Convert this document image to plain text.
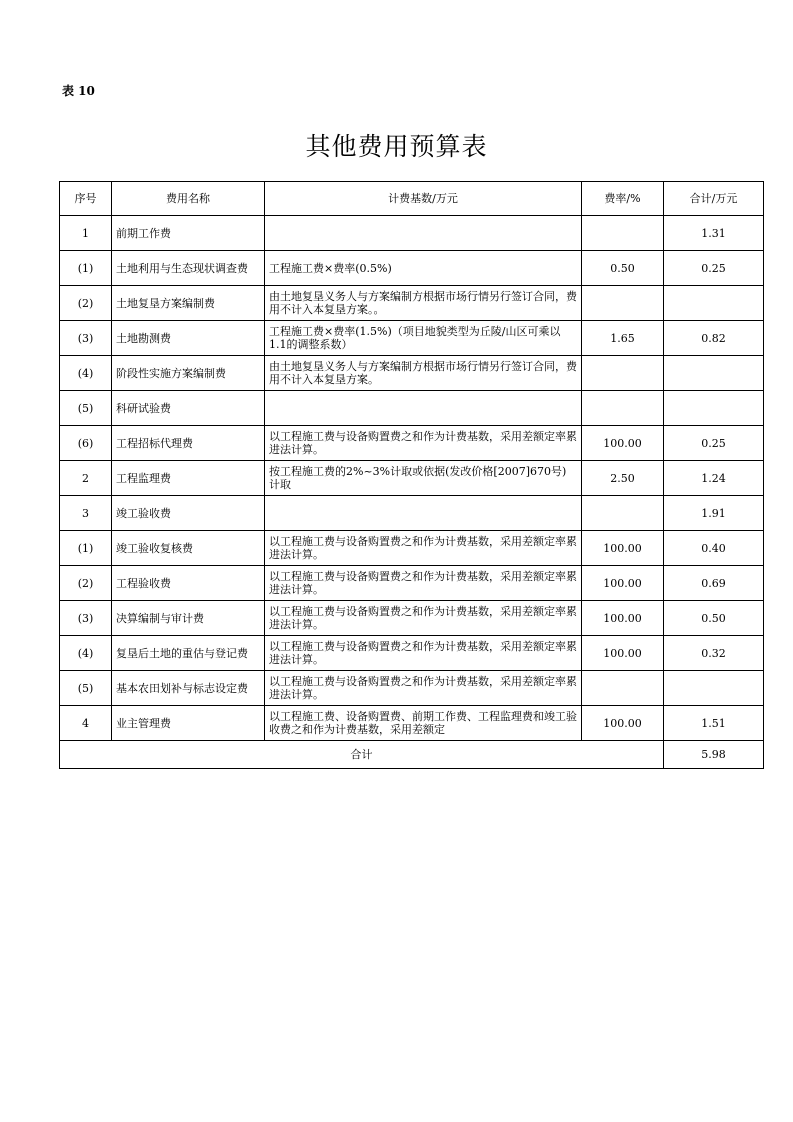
表 10
其他费用预算表
序号	费用名称	计费基数/万元	费率/%	合计/万元
1	前期工作费			1.31
(1)	土地利用与生态现状调查费	工程施工费×费率(0.5%)	0.50	0.25
(2)	土地复垦方案编制费	由土地复垦义务人与方案编制方根据市场行情另行签订合同，费用不计入本复垦方案。。		
(3)	土地勘测费	工程施工费×费率(1.5%)（项目地貌类型为丘陵/山区可乘以1.1的调整系数）	1.65	0.82
(4)	阶段性实施方案编制费	由土地复垦义务人与方案编制方根据市场行情另行签订合同，费用不计入本复垦方案。		
(5)	科研试验费			
(6)	工程招标代理费	以工程施工费与设备购置费之和作为计费基数，采用差额定率累进法计算。	100.00	0.25
2	工程监理费	按工程施工费的2%~3%计取或依据(发改价格[2007]670号)计取	2.50	1.24
3	竣工验收费			1.91
(1)	竣工验收复核费	以工程施工费与设备购置费之和作为计费基数，采用差额定率累进法计算。	100.00	0.40
(2)	工程验收费	以工程施工费与设备购置费之和作为计费基数，采用差额定率累进法计算。	100.00	0.69
(3)	决算编制与审计费	以工程施工费与设备购置费之和作为计费基数，采用差额定率累进法计算。	100.00	0.50
(4)	复垦后土地的重估与登记费	以工程施工费与设备购置费之和作为计费基数，采用差额定率累进法计算。	100.00	0.32
(5)	基本农田划补与标志设定费	以工程施工费与设备购置费之和作为计费基数，采用差额定率累进法计算。		
4	业主管理费	以工程施工费、设备购置费、前期工作费、工程监理费和竣工验收费之和作为计费基数，采用差额定	100.00	1.51
合计				5.98
